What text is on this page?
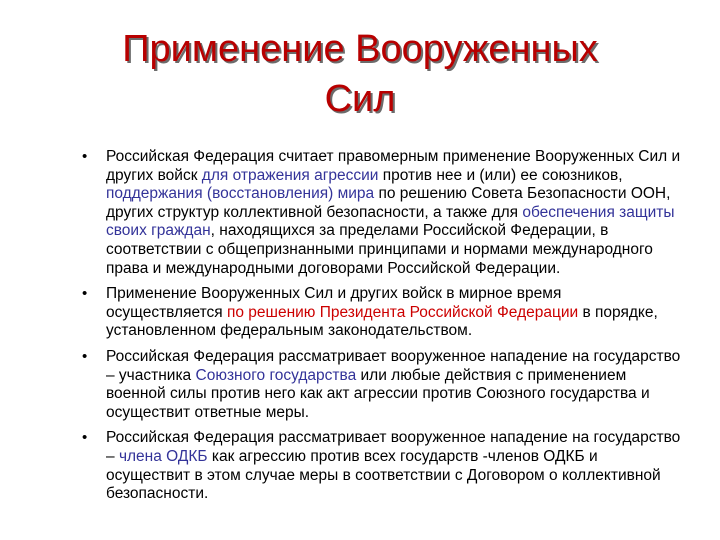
Применение Вооруженных
Сил
• Российская Федерация считает правомерным применение Вооруженных Сил и других войск для отражения агрессии против нее и (или) ее союзников, поддержания (восстановления) мира по решению Совета Безопасности ООН, других структур коллективной безопасности, а также для обеспечения защиты своих граждан, находящихся за пределами Российской Федерации, в соответствии с общепризнанными принципами и нормами международного права и международными договорами Российской Федерации.
• Применение Вооруженных Сил и других войск в мирное время осуществляется по решению Президента Российской Федерации в порядке, установленном федеральным законодательством.
• Российская Федерация рассматривает вооруженное нападение на государство – участника Союзного государства или любые действия с применением военной силы против него как акт агрессии против Союзного государства и осуществит ответные меры.
• Российская Федерация рассматривает вооруженное нападение на государство – члена ОДКБ как агрессию против всех государств -членов ОДКБ и осуществит в этом случае меры в соответствии с Договором о коллективной безопасности.
